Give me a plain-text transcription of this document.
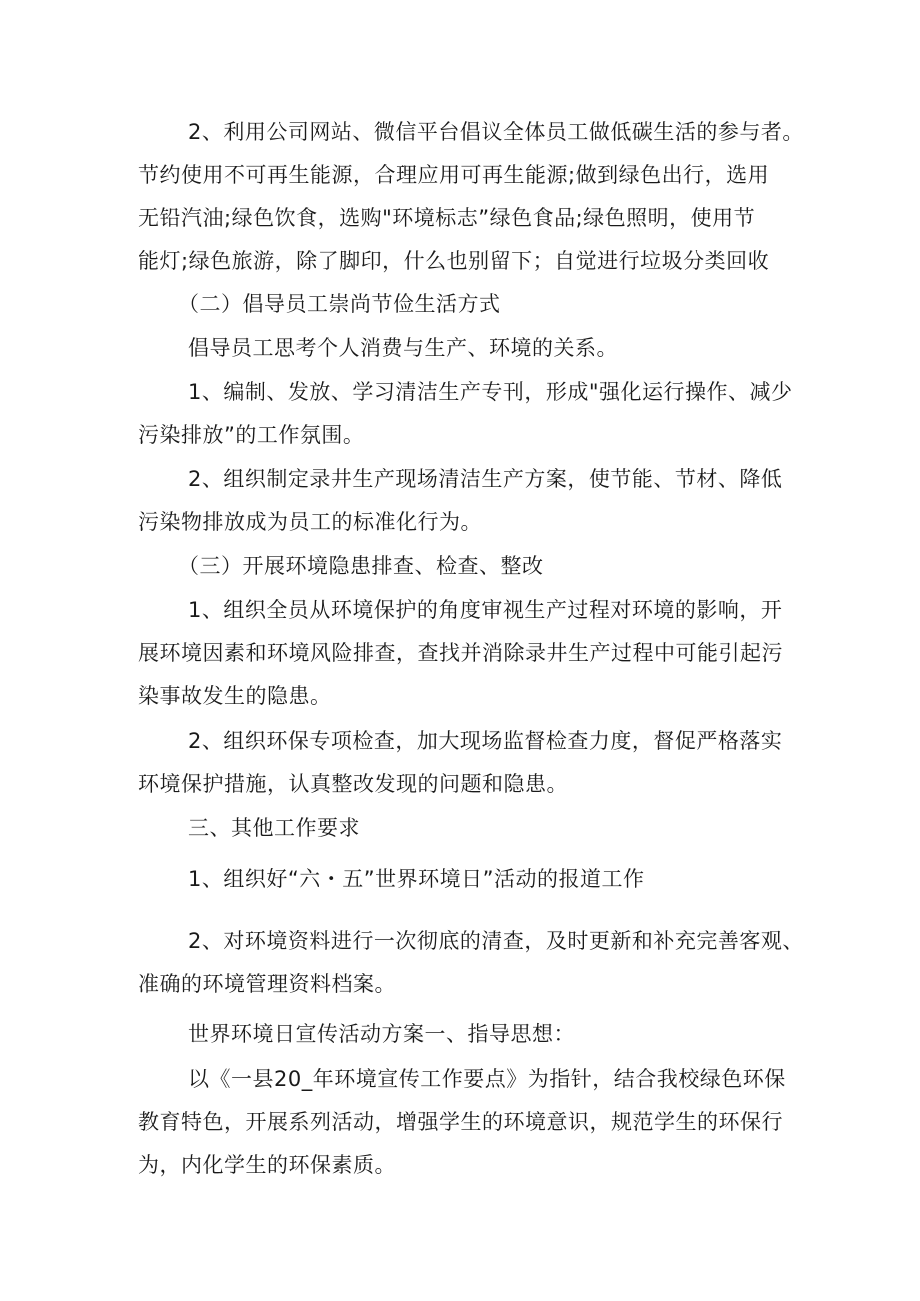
2、利用公司网站、微信平台倡议全体员工做低碳生活的参与者。
节约使用不可再生能源，合理应用可再生能源;做到绿色出行，选用
无铅汽油;绿色饮食，选购"环境标志”绿色食品;绿色照明，使用节
能灯;绿色旅游，除了脚印，什么也别留下；自觉进行垃圾分类回收
（二）倡导员工崇尚节俭生活方式
倡导员工思考个人消费与生产、环境的关系。
1、编制、发放、学习清洁生产专刊，形成"强化运行操作、减少
污染排放”的工作氛围。
2、组织制定录井生产现场清洁生产方案，使节能、节材、降低
污染物排放成为员工的标准化行为。
（三）开展环境隐患排查、检查、整改
1、组织全员从环境保护的角度审视生产过程对环境的影响，开
展环境因素和环境风险排查，查找并消除录井生产过程中可能引起污
染事故发生的隐患。
2、组织环保专项检查，加大现场监督检查力度，督促严格落实
环境保护措施，认真整改发现的问题和隐患。
三、其他工作要求
1、组织好“六・五”世界环境日”活动的报道工作
2、对环境资料进行一次彻底的清查，及时更新和补充完善客观、
准确的环境管理资料档案。
世界环境日宣传活动方案一、指导思想：
以《一县20_年环境宣传工作要点》为指针，结合我校绿色环保
教育特色，开展系列活动，增强学生的环境意识，规范学生的环保行
为，内化学生的环保素质。
